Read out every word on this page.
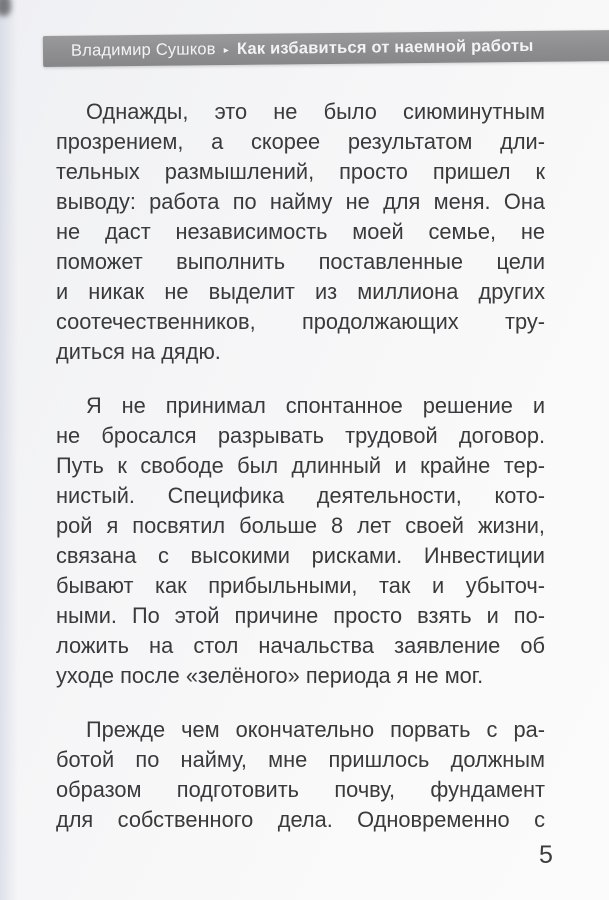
Владимир Сушков ▸ Как избавиться от наемной работы
Однажды, это не было сиюминутным
прозрением, а скорее результатом дли-
тельных размышлений, просто пришел к
выводу: работа по найму не для меня. Она
не даст независимость моей семье, не
поможет выполнить поставленные цели
и никак не выделит из миллиона других
соотечественников, продолжающих тру-
диться на дядю.
Я не принимал спонтанное решение и
не бросался разрывать трудовой договор.
Путь к свободе был длинный и крайне тер-
нистый. Специфика деятельности, кото-
рой я посвятил больше 8 лет своей жизни,
связана с высокими рисками. Инвестиции
бывают как прибыльными, так и убыточ-
ными. По этой причине просто взять и по-
ложить на стол начальства заявление об
уходе после «зелёного» периода я не мог.
Прежде чем окончательно порвать с ра-
ботой по найму, мне пришлось должным
образом подготовить почву, фундамент
для собственного дела. Одновременно с
5
